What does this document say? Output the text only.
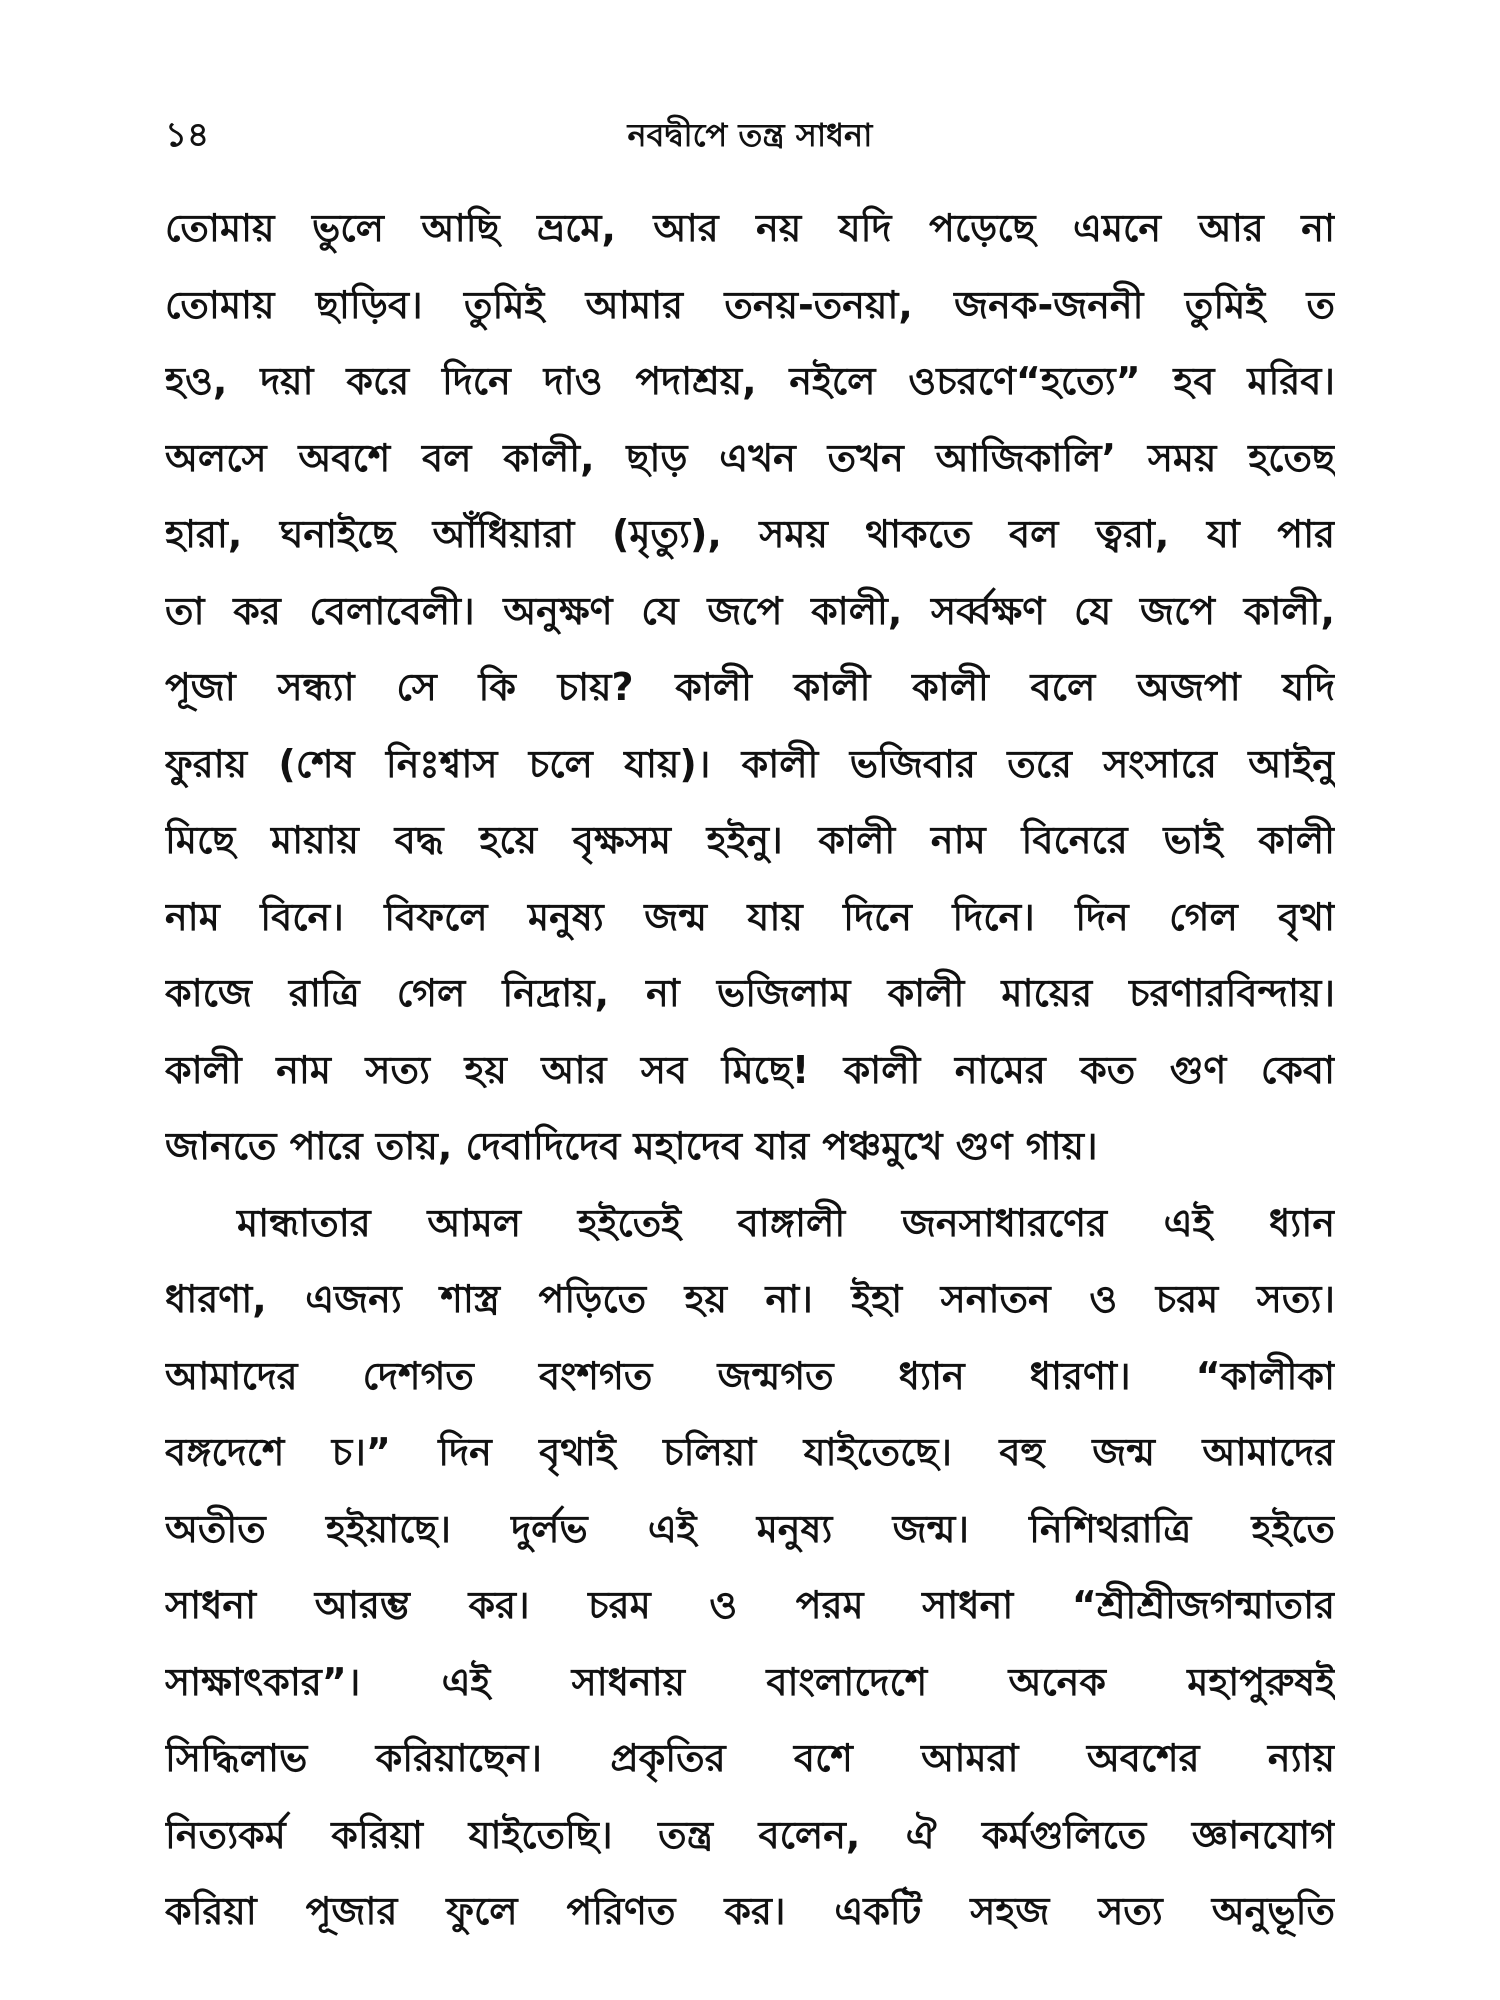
১৪	নবদ্বীপে তন্ত্র সাধনা
তোমায় ভুলে আছি ভ্রমে, আর নয় যদি পড়েছে এমনে আর না
তোমায় ছাড়িব। তুমিই আমার তনয়-তনয়া, জনক-জননী তুমিই ত
হও, দয়া করে দিনে দাও পদাশ্রয়, নইলে ওচরণে“হত্যে” হব মরিব।
অলসে অবশে বল কালী, ছাড় এখন তখন আজিকালি’ সময় হতেছ
হারা, ঘনাইছে আঁধিয়ারা (মৃত্যু), সময় থাকতে বল ত্বরা, যা পার
তা কর বেলাবেলী। অনুক্ষণ যে জপে কালী, সর্ব্বক্ষণ যে জপে কালী,
পূজা সন্ধ্যা সে কি চায়? কালী কালী কালী বলে অজপা যদি
ফুরায় (শেষ নিঃশ্বাস চলে যায়)। কালী ভজিবার তরে সংসারে আইনু
মিছে মায়ায় বদ্ধ হয়ে বৃক্ষসম হইনু। কালী নাম বিনেরে ভাই কালী
নাম বিনে। বিফলে মনুষ্য জন্ম যায় দিনে দিনে। দিন গেল বৃথা
কাজে রাত্রি গেল নিদ্রায়, না ভজিলাম কালী মায়ের চরণারবিন্দায়।
কালী নাম সত্য হয় আর সব মিছে! কালী নামের কত গুণ কেবা
জানতে পারে তায়, দেবাদিদেব মহাদেব যার পঞ্চমুখে গুণ গায়।
মান্ধাতার আমল হইতেই বাঙ্গালী জনসাধারণের এই ধ্যান
ধারণা, এজন্য শাস্ত্র পড়িতে হয় না। ইহা সনাতন ও চরম সত্য।
আমাদের দেশগত বংশগত জন্মগত ধ্যান ধারণা। “কালীকা
বঙ্গদেশে চ।” দিন বৃথাই চলিয়া যাইতেছে। বহু জন্ম আমাদের
অতীত হইয়াছে। দুর্লভ এই মনুষ্য জন্ম। নিশিথরাত্রি হইতে
সাধনা আরম্ভ কর। চরম ও পরম সাধনা “শ্রীশ্রীজগন্মাতার
সাক্ষাৎকার”। এই সাধনায় বাংলাদেশে অনেক মহাপুরুষই
সিদ্ধিলাভ করিয়াছেন। প্রকৃতির বশে আমরা অবশের ন্যায়
নিত্যকর্ম করিয়া যাইতেছি। তন্ত্র বলেন, ঐ কর্মগুলিতে জ্ঞানযোগ
করিয়া পূজার ফুলে পরিণত কর। একটি সহজ সত্য অনুভূতি
